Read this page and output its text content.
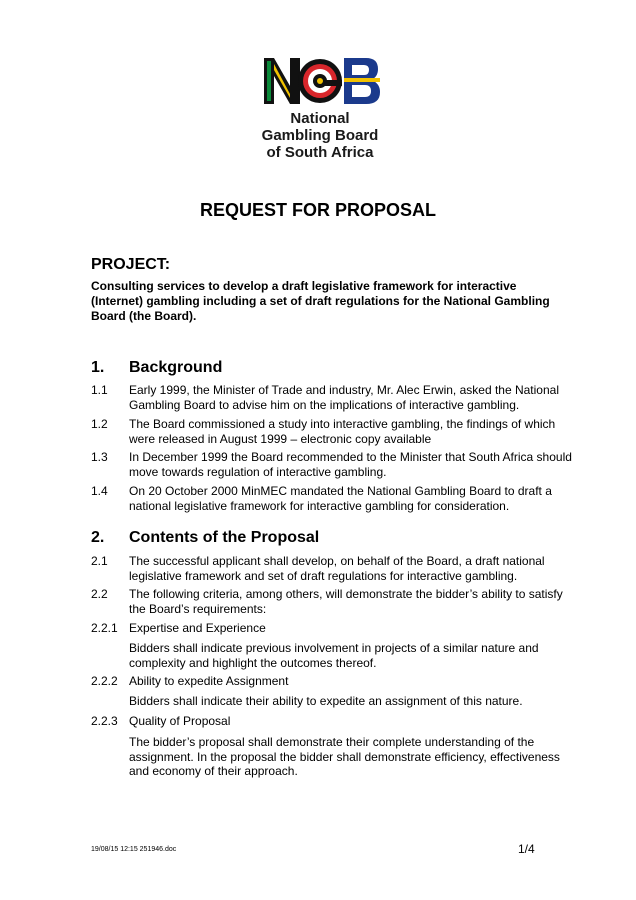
National
Gambling Board
of South Africa
REQUEST FOR PROPOSAL
PROJECT:
Consulting services to develop a draft legislative framework for interactive (Internet) gambling including a set of draft regulations for the National Gambling Board (the Board).
1. Background
1.1 Early 1999, the Minister of Trade and industry, Mr. Alec Erwin, asked the National Gambling Board to advise him on the implications of interactive gambling.
1.2 The Board commissioned a study into interactive gambling, the findings of which were released in August 1999 – electronic copy available
1.3 In December 1999 the Board recommended to the Minister that South Africa should move towards regulation of interactive gambling.
1.4 On 20 October 2000 MinMEC mandated the National Gambling Board to draft a national legislative framework for interactive gambling for consideration.
2. Contents of the Proposal
2.1 The successful applicant shall develop, on behalf of the Board, a draft national legislative framework and set of draft regulations for interactive gambling.
2.2 The following criteria, among others, will demonstrate the bidder’s ability to satisfy the Board’s requirements:
2.2.1 Expertise and Experience
Bidders shall indicate previous involvement in projects of a similar nature and complexity and highlight the outcomes thereof.
2.2.2 Ability to expedite Assignment
Bidders shall indicate their ability to expedite an assignment of this nature.
2.2.3 Quality of Proposal
The bidder’s proposal shall demonstrate their complete understanding of the assignment. In the proposal the bidder shall demonstrate efficiency, effectiveness and economy of their approach.
19/08/15 12:15 251946.doc	1/4
